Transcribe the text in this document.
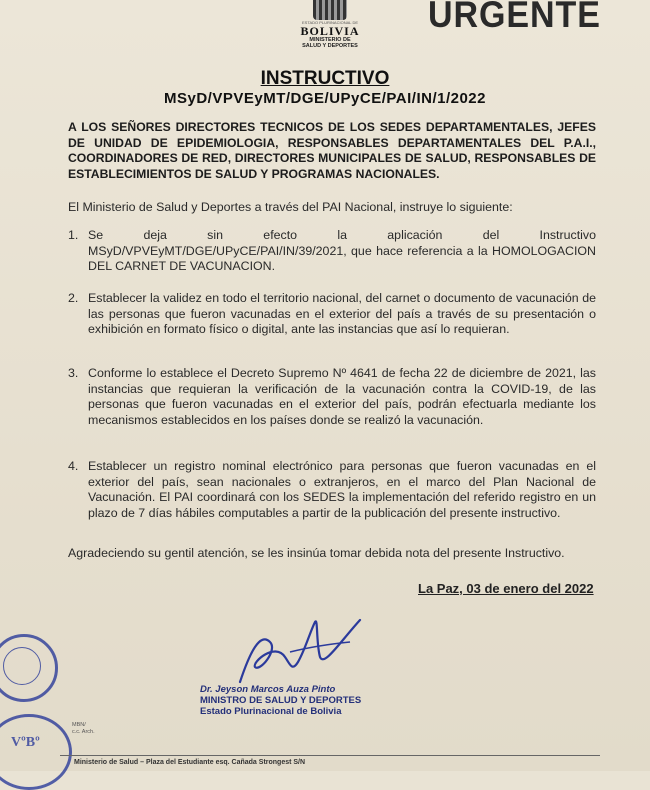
ESTADO PLURINACIONAL DE
BOLIVIA
MINISTERIO DE
SALUD Y DEPORTES
URGENTE
INSTRUCTIVO
MSyD/VPVEyMT/DGE/UPyCE/PAI/IN/1/2022
A LOS SEÑORES DIRECTORES TECNICOS DE LOS SEDES DEPARTAMENTALES, JEFES DE UNIDAD DE EPIDEMIOLOGIA, RESPONSABLES DEPARTAMENTALES DEL P.A.I., COORDINADORES DE RED, DIRECTORES MUNICIPALES DE SALUD, RESPONSABLES DE ESTABLECIMIENTOS DE SALUD Y PROGRAMAS NACIONALES.
El Ministerio de Salud y Deportes a través del PAI Nacional, instruye lo siguiente:
1. Se deja sin efecto la aplicación del Instructivo MSyD/VPVEyMT/DGE/UPyCE/PAI/IN/39/2021, que hace referencia a la HOMOLOGACION DEL CARNET DE VACUNACION.
2. Establecer la validez en todo el territorio nacional, del carnet o documento de vacunación de las personas que fueron vacunadas en el exterior del país a través de su presentación o exhibición en formato físico o digital, ante las instancias que así lo requieran.
3. Conforme lo establece el Decreto Supremo Nº 4641 de fecha 22 de diciembre de 2021, las instancias que requieran la verificación de la vacunación contra la COVID-19, de las personas que fueron vacunadas en el exterior del país, podrán efectuarla mediante los mecanismos establecidos en los países donde se realizó la vacunación.
4. Establecer un registro nominal electrónico para personas que fueron vacunadas en el exterior del país, sean nacionales o extranjeros, en el marco del Plan Nacional de Vacunación. El PAI coordinará con los SEDES la implementación del referido registro en un plazo de 7 días hábiles computables a partir de la publicación del presente instructivo.
Agradeciendo su gentil atención, se les insinúa tomar debida nota del presente Instructivo.
La Paz, 03 de enero del 2022
Dr. Jeyson Marcos Auza Pinto
MINISTRO DE SALUD Y DEPORTES
Estado Plurinacional de Bolivia
VºBº
MBN/
c.c. Arch.
Ministerio de Salud – Plaza del Estudiante esq. Cañada Strongest S/N
